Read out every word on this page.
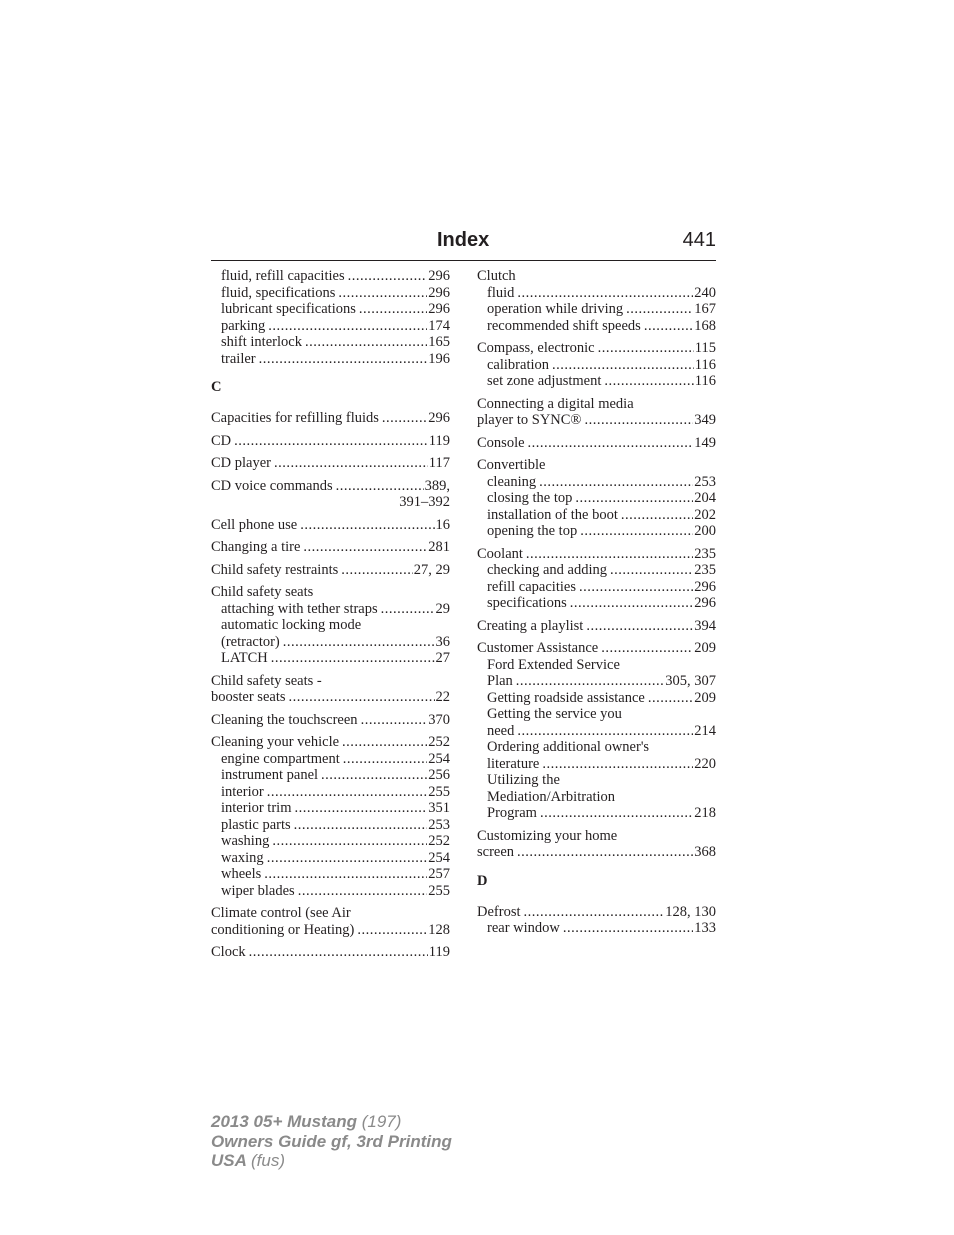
Index	441
fluid, refill capacities .....	296
fluid, specifications .....	296
lubricant specifications .....	296
parking .....	174
shift interlock .....	165
trailer .....	196
C
Capacities for refilling fluids .....	296
CD .....	119
CD player .....	117
CD voice commands .....	389,
391–392
Cell phone use .....	16
Changing a tire .....	281
Child safety restraints .....	27, 29
Child safety seats
attaching with tether straps .....	29
automatic locking mode
(retractor) .....	36
LATCH .....	27
Child safety seats -
booster seats .....	22
Cleaning the touchscreen .....	370
Cleaning your vehicle .....	252
engine compartment .....	254
instrument panel .....	256
interior .....	255
interior trim .....	351
plastic parts .....	253
washing .....	252
waxing .....	254
wheels .....	257
wiper blades .....	255
Climate control (see Air
conditioning or Heating) .....	128
Clock .....	119
Clutch
fluid .....	240
operation while driving .....	167
recommended shift speeds .....	168
Compass, electronic .....	115
calibration .....	116
set zone adjustment .....	116
Connecting a digital media
player to SYNC® .....	349
Console .....	149
Convertible
cleaning .....	253
closing the top .....	204
installation of the boot .....	202
opening the top .....	200
Coolant .....	235
checking and adding .....	235
refill capacities .....	296
specifications .....	296
Creating a playlist .....	394
Customer Assistance .....	209
Ford Extended Service
Plan .....	305, 307
Getting roadside assistance .....	209
Getting the service you
need .....	214
Ordering additional owner's
literature .....	220
Utilizing the
Mediation/Arbitration
Program .....	218
Customizing your home
screen .....	368
D
Defrost .....	128, 130
rear window .....	133
2013 05+ Mustang (197)
Owners Guide gf, 3rd Printing
USA (fus)
